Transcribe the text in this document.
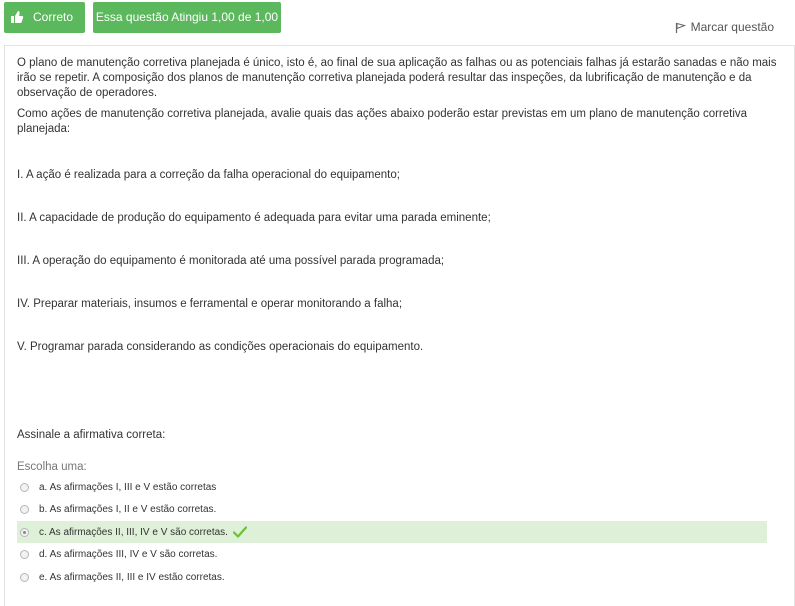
Correto Essa questão Atingiu 1,00 de 1,00
Marcar questão

O plano de manutenção corretiva planejada é único, isto é, ao final de sua aplicação as falhas ou as potenciais falhas já estarão sanadas e não mais irão se repetir. A composição dos planos de manutenção corretiva planejada poderá resultar das inspeções, da lubrificação de manutenção e da observação de operadores.

Como ações de manutenção corretiva planejada, avalie quais das ações abaixo poderão estar previstas em um plano de manutenção corretiva planejada:

I. A ação é realizada para a correção da falha operacional do equipamento;
II. A capacidade de produção do equipamento é adequada para evitar uma parada eminente;
III. A operação do equipamento é monitorada até uma possível parada programada;
IV. Preparar materiais, insumos e ferramental e operar monitorando a falha;
V. Programar parada considerando as condições operacionais do equipamento.
Assinale a afirmativa correta:
Escolha uma:
a. As afirmações I, III e V estão corretas
b. As afirmações I, II e V estão corretas.
c. As afirmações II, III, IV e V são corretas.
d. As afirmações III, IV e V são corretas.
e. As afirmações II, III e IV estão corretas.
